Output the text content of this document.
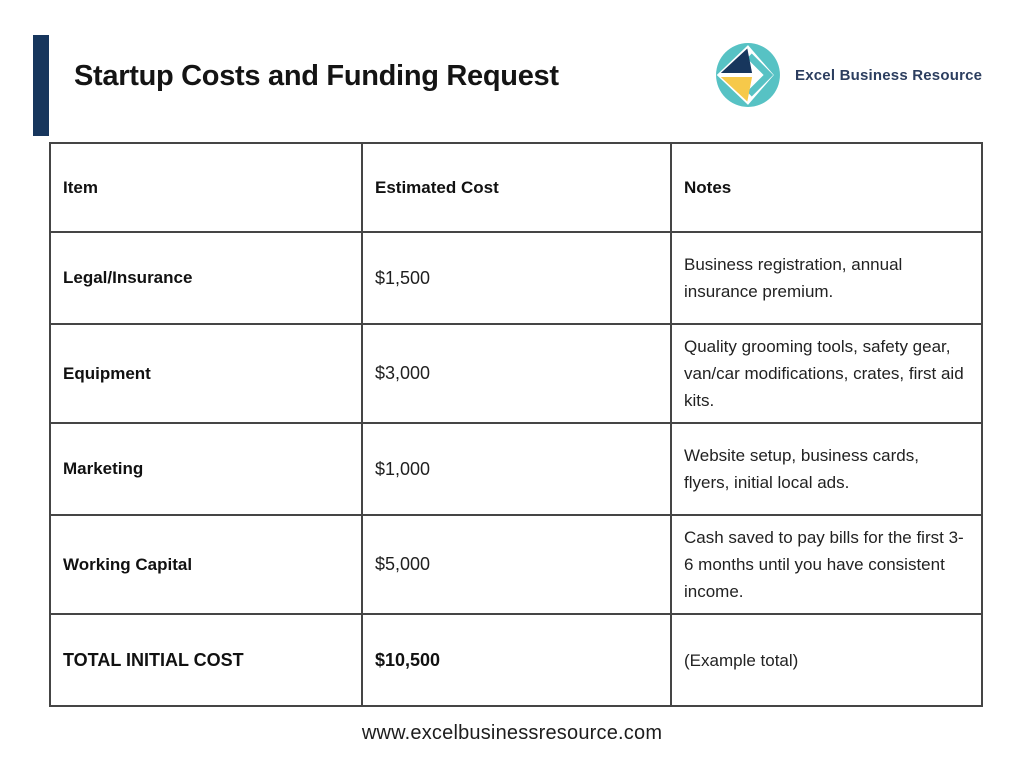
Startup Costs and Funding Request	Excel Business Resource
Item	Estimated Cost	Notes
Legal/Insurance	$1,500	Business registration, annual insurance premium.
Equipment	$3,000	Quality grooming tools, safety gear, van/car modifications, crates, first aid kits.
Marketing	$1,000	Website setup, business cards, flyers, initial local ads.
Working Capital	$5,000	Cash saved to pay bills for the first 3-6 months until you have consistent income.
TOTAL INITIAL COST	$10,500	(Example total)
www.excelbusinessresource.com
